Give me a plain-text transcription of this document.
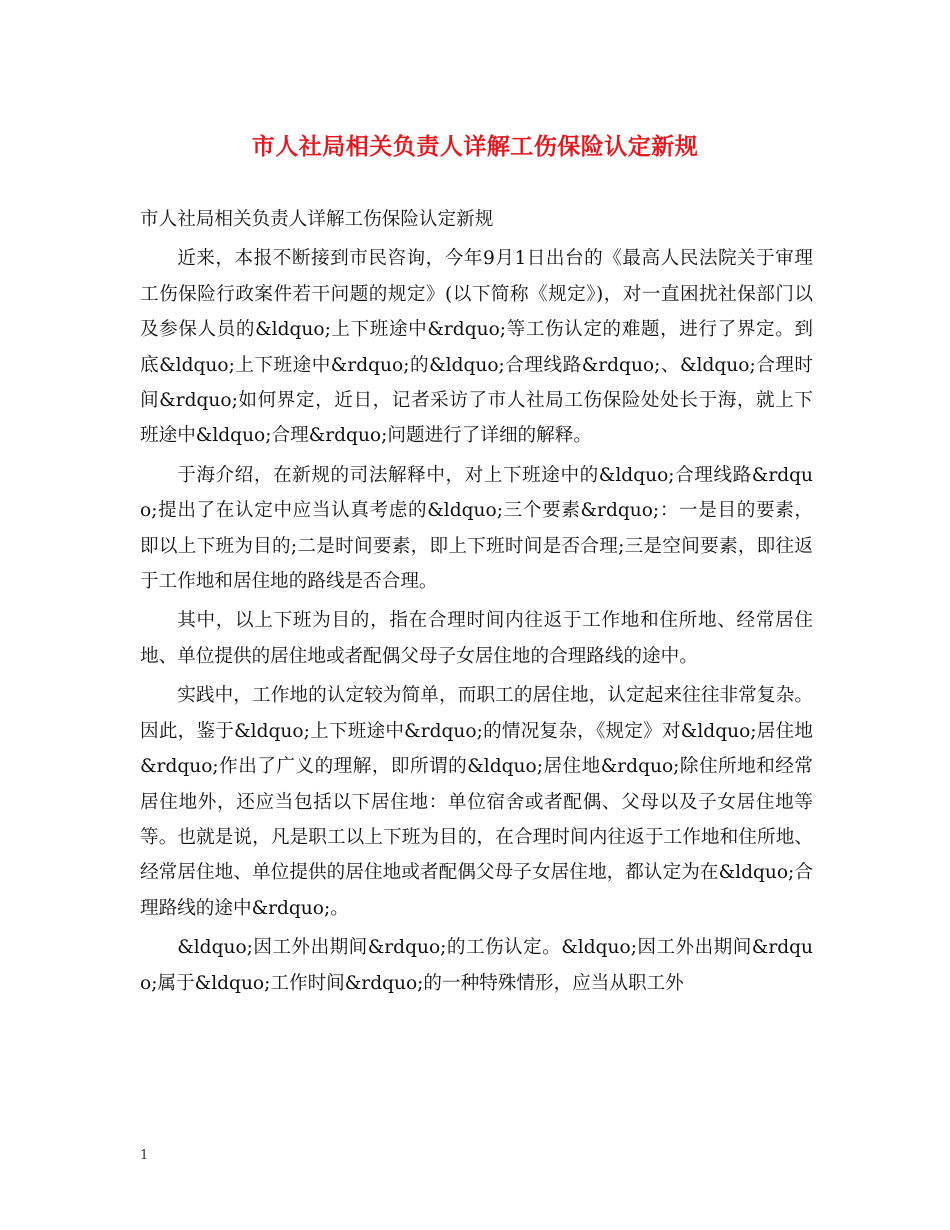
市人社局相关负责人详解工伤保险认定新规

市人社局相关负责人详解工伤保险认定新规

近来，本报不断接到市民咨询，今年9月1日出台的《最高人民法院关于审理工伤保险行政案件若干问题的规定》(以下简称《规定》)，对一直困扰社保部门以及参保人员的&ldquo;上下班途中&rdquo;等工伤认定的难题，进行了界定。到底&ldquo;上下班途中&rdquo;的&ldquo;合理线路&rdquo;、&ldquo;合理时间&rdquo;如何界定，近日，记者采访了市人社局工伤保险处处长于海，就上下班途中&ldquo;合理&rdquo;问题进行了详细的解释。

于海介绍，在新规的司法解释中，对上下班途中的&ldquo;合理线路&rdquo;提出了在认定中应当认真考虑的&ldquo;三个要素&rdquo;：一是目的要素，即以上下班为目的;二是时间要素，即上下班时间是否合理;三是空间要素，即往返于工作地和居住地的路线是否合理。

其中，以上下班为目的，指在合理时间内往返于工作地和住所地、经常居住地、单位提供的居住地或者配偶父母子女居住地的合理路线的途中。

实践中，工作地的认定较为简单，而职工的居住地，认定起来往往非常复杂。因此，鉴于&ldquo;上下班途中&rdquo;的情况复杂，《规定》对&ldquo;居住地&rdquo;作出了广义的理解，即所谓的&ldquo;居住地&rdquo;除住所地和经常居住地外，还应当包括以下居住地：单位宿舍或者配偶、父母以及子女居住地等等。也就是说，凡是职工以上下班为目的，在合理时间内往返于工作地和住所地、经常居住地、单位提供的居住地或者配偶父母子女居住地，都认定为在&ldquo;合理路线的途中&rdquo;。

&ldquo;因工外出期间&rdquo;的工伤认定。&ldquo;因工外出期间&rdquo;属于&ldquo;工作时间&rdquo;的一种特殊情形，应当从职工外

1
